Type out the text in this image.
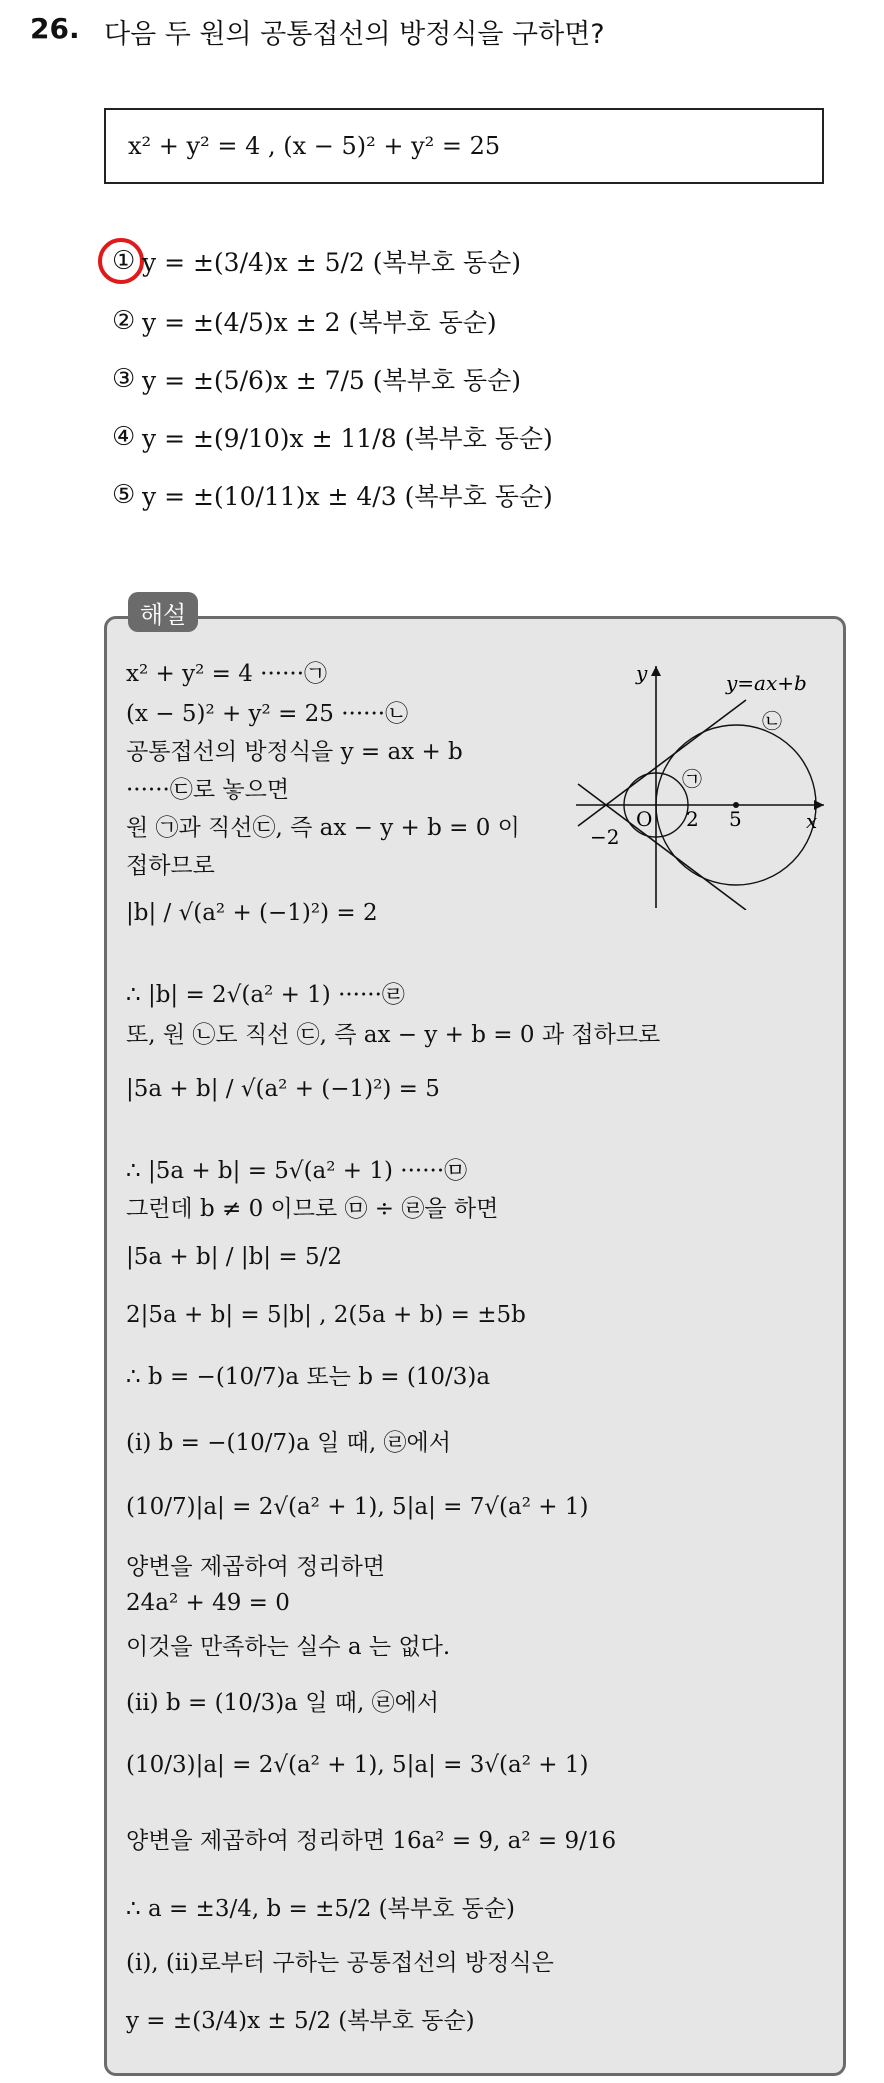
26. 다음 두 원의 공통접선의 방정식을 구하면?
x² + y² = 4 , (x − 5)² + y² = 25
① y = ±(3/4)x ± 5/2 (복부호 동순)
② y = ±(4/5)x ± 2 (복부호 동순)
③ y = ±(5/6)x ± 7/5 (복부호 동순)
④ y = ±(9/10)x ± 11/8 (복부호 동순)
⑤ y = ±(10/11)x ± 4/3 (복부호 동순)
해설
y
x
y=ax+b
O
−2
2 5
㉠
㉡
x² + y² = 4 ······㉠
(x − 5)² + y² = 25 ······㉡
공통접선의 방정식을 y = ax + b
······㉢로 놓으면
원 ㉠과 직선㉢, 즉 ax − y + b = 0 이
접하므로
|b| / √(a² + (−1)²) = 2
∴ |b| = 2√(a² + 1) ······㉣
또, 원 ㉡도 직선 ㉢, 즉 ax − y + b = 0 과 접하므로
|5a + b| / √(a² + (−1)²) = 5
∴ |5a + b| = 5√(a² + 1) ······㉤
그런데 b ≠ 0 이므로 ㉤ ÷ ㉣을 하면
|5a + b| / |b| = 5/2
2|5a + b| = 5|b| , 2(5a + b) = ±5b
∴ b = −(10/7)a 또는 b = (10/3)a
(i) b = −(10/7)a 일 때, ㉣에서
(10/7)|a| = 2√(a² + 1), 5|a| = 7√(a² + 1)
양변을 제곱하여 정리하면
24a² + 49 = 0
이것을 만족하는 실수 a 는 없다.
(ii) b = (10/3)a 일 때, ㉣에서
(10/3)|a| = 2√(a² + 1), 5|a| = 3√(a² + 1)
양변을 제곱하여 정리하면 16a² = 9, a² = 9/16
∴ a = ±3/4, b = ±5/2 (복부호 동순)
(i), (ii)로부터 구하는 공통접선의 방정식은
y = ±(3/4)x ± 5/2 (복부호 동순)
